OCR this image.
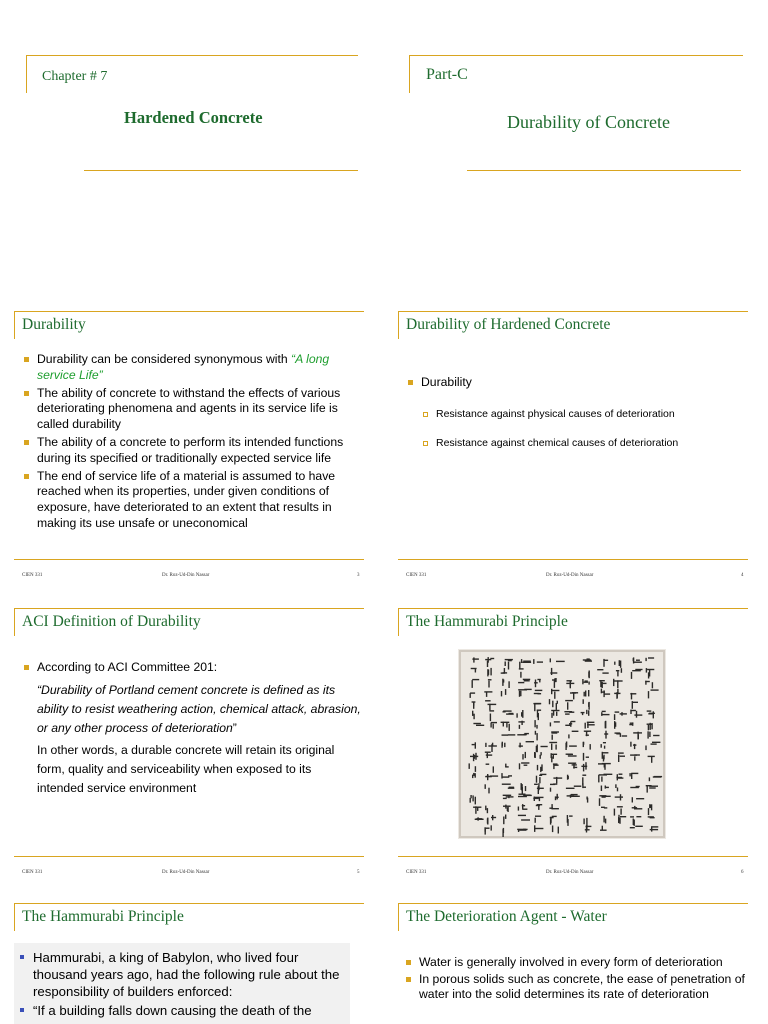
Chapter # 7
Hardened Concrete
Part-C
Durability of Concrete
Durability
Durability can be considered synonymous with “A long service Life”
The ability of concrete to withstand the effects of various deteriorating phenomena and agents in its service life is called durability
The ability of a concrete to perform its intended functions during its specified or traditionally expected service life
The end of service life of a material is assumed to have reached when its properties, under given conditions of exposure, have deteriorated to an extent that results in making its use unsafe or uneconomical
CIEN 331	Dr. Roz-Ud-Din Nassar	3
Durability of Hardened Concrete
Durability
Resistance against physical causes of deterioration
Resistance against chemical causes of deterioration
CIEN 331	Dr. Roz-Ud-Din Nassar	4
ACI Definition of Durability
According to ACI Committee 201:
“Durability of Portland cement concrete is defined as its ability to resist weathering action, chemical attack, abrasion, or any other process of deterioration”
In other words, a durable concrete will retain its original form, quality and serviceability when exposed to its intended service environment
CIEN 331	Dr. Roz-Ud-Din Nassar	5
The Hammurabi Principle
CIEN 331	Dr. Roz-Ud-Din Nassar	6
The Hammurabi Principle
Hammurabi, a king of Babylon, who lived four thousand years ago, had the following rule about the responsibility of builders enforced:
“If a building falls down causing the death of the
The Deterioration Agent - Water
Water is generally involved in every form of deterioration
In porous solids such as concrete, the ease of penetration of water into the solid determines its rate of deterioration
